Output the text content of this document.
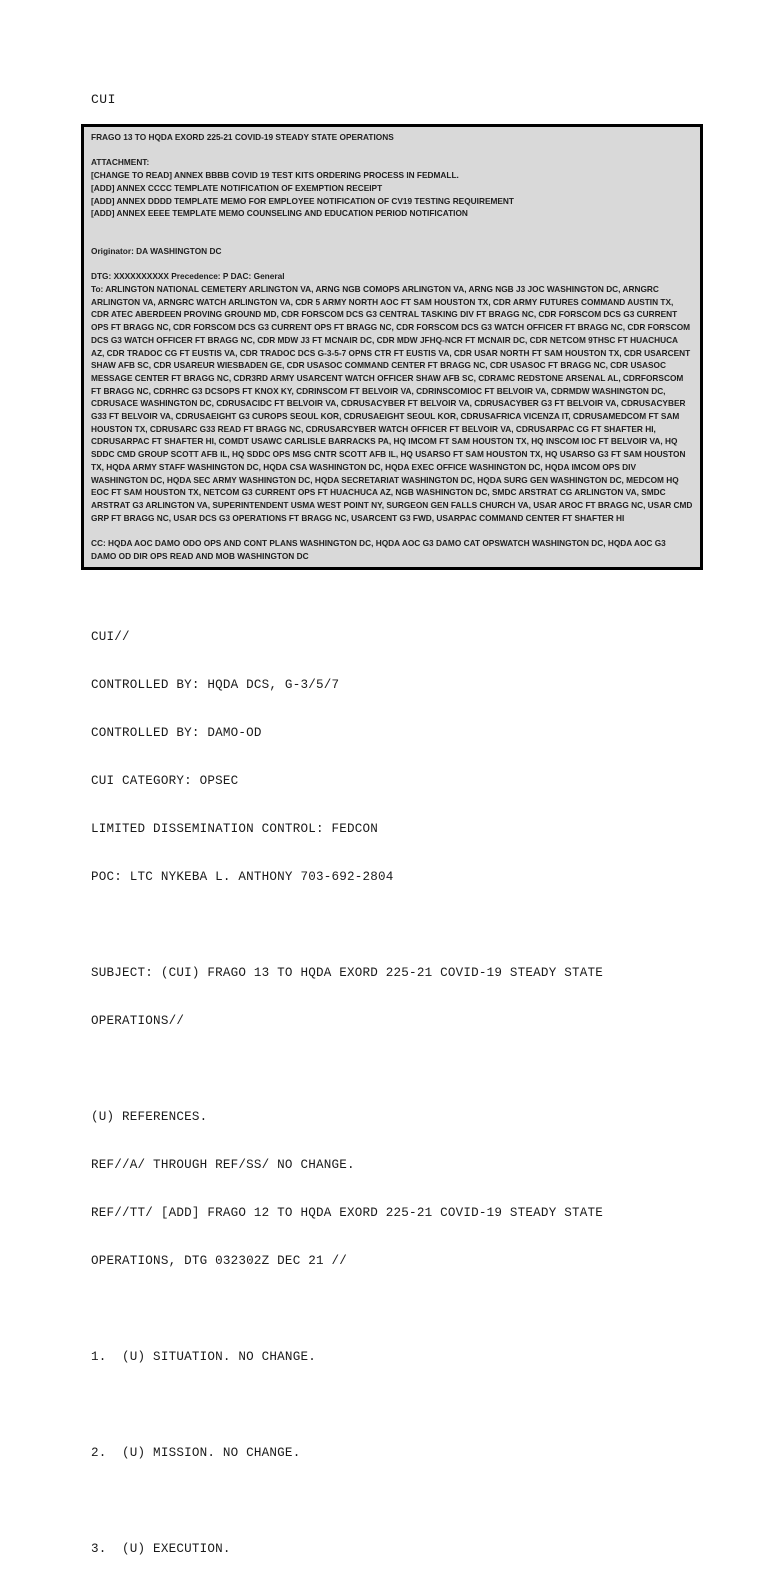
CUI

FRAGO 13 TO HQDA EXORD 225-21 COVID-19 STEADY STATE OPERATIONS

ATTACHMENT:

[CHANGE TO READ] ANNEX BBBB COVID 19 TEST KITS ORDERING PROCESS IN FEDMALL.

[ADD] ANNEX CCCC TEMPLATE NOTIFICATION OF EXEMPTION RECEIPT

[ADD] ANNEX DDDD TEMPLATE MEMO FOR EMPLOYEE NOTIFICATION OF CV19 TESTING REQUIREMENT

[ADD] ANNEX EEEE TEMPLATE MEMO COUNSELING AND EDUCATION PERIOD NOTIFICATION

Originator: DA WASHINGTON DC

DTG: XXXXXXXXXX Precedence: P DAC: General

To: ARLINGTON NATIONAL CEMETERY ARLINGTON VA, ARNG NGB COMOPS ARLINGTON VA, ARNG NGB J3 JOC WASHINGTON DC, ARNGRC ARLINGTON VA, ARNGRC WATCH ARLINGTON VA, CDR 5 ARMY NORTH AOC FT SAM HOUSTON TX, CDR ARMY FUTURES COMMAND AUSTIN TX, CDR ATEC ABERDEEN PROVING GROUND MD, CDR FORSCOM DCS G3 CENTRAL TASKING DIV FT BRAGG NC, CDR FORSCOM DCS G3 CURRENT OPS FT BRAGG NC, CDR FORSCOM DCS G3 CURRENT OPS FT BRAGG NC, CDR FORSCOM DCS G3 WATCH OFFICER FT BRAGG NC, CDR FORSCOM DCS G3 WATCH OFFICER FT BRAGG NC, CDR MDW J3 FT MCNAIR DC, CDR MDW JFHQ-NCR FT MCNAIR DC, CDR NETCOM 9THSC FT HUACHUCA AZ, CDR TRADOC CG FT EUSTIS VA, CDR TRADOC DCS G-3-5-7 OPNS CTR FT EUSTIS VA, CDR USAR NORTH FT SAM HOUSTON TX, CDR USARCENT SHAW AFB SC, CDR USAREUR WIESBADEN GE, CDR USASOC COMMAND CENTER FT BRAGG NC, CDR USASOC FT BRAGG NC, CDR USASOC MESSAGE CENTER FT BRAGG NC, CDR3RD ARMY USARCENT WATCH OFFICER SHAW AFB SC, CDRAMC REDSTONE ARSENAL AL, CDRFORSCOM FT BRAGG NC, CDRHRC G3 DCSOPS FT KNOX KY, CDRINSCOM FT BELVOIR VA, CDRINSCOMIOC FT BELVOIR VA, CDRMDW WASHINGTON DC, CDRUSACE WASHINGTON DC, CDRUSACIDC FT BELVOIR VA, CDRUSACYBER FT BELVOIR VA, CDRUSACYBER G3 FT BELVOIR VA, CDRUSACYBER G33 FT BELVOIR VA, CDRUSAEIGHT G3 CUROPS SEOUL KOR, CDRUSAEIGHT SEOUL KOR, CDRUSAFRICA VICENZA IT, CDRUSAMEDCOM FT SAM HOUSTON TX, CDRUSARC G33 READ FT BRAGG NC, CDRUSARCYBER WATCH OFFICER FT BELVOIR VA, CDRUSARPAC CG FT SHAFTER HI, CDRUSARPAC FT SHAFTER HI, COMDT USAWC CARLISLE BARRACKS PA, HQ IMCOM FT SAM HOUSTON TX, HQ INSCOM IOC FT BELVOIR VA, HQ SDDC CMD GROUP SCOTT AFB IL, HQ SDDC OPS MSG CNTR SCOTT AFB IL, HQ USARSO FT SAM HOUSTON TX, HQ USARSO G3 FT SAM HOUSTON TX, HQDA ARMY STAFF WASHINGTON DC, HQDA CSA WASHINGTON DC, HQDA EXEC OFFICE WASHINGTON DC, HQDA IMCOM OPS DIV WASHINGTON DC, HQDA SEC ARMY WASHINGTON DC, HQDA SECRETARIAT WASHINGTON DC, HQDA SURG GEN WASHINGTON DC, MEDCOM HQ EOC FT SAM HOUSTON TX, NETCOM G3 CURRENT OPS FT HUACHUCA AZ, NGB WASHINGTON DC, SMDC ARSTRAT CG ARLINGTON VA, SMDC ARSTRAT G3 ARLINGTON VA, SUPERINTENDENT USMA WEST POINT NY, SURGEON GEN FALLS CHURCH VA, USAR AROC FT BRAGG NC, USAR CMD GRP FT BRAGG NC, USAR DCS G3 OPERATIONS FT BRAGG NC, USARCENT G3 FWD, USARPAC COMMAND CENTER FT SHAFTER HI

CC: HQDA AOC DAMO ODO OPS AND CONT PLANS WASHINGTON DC, HQDA AOC G3 DAMO CAT OPSWATCH WASHINGTON DC, HQDA AOC G3 DAMO OD DIR OPS READ AND MOB WASHINGTON DC

CUI//

CONTROLLED BY: HQDA DCS, G-3/5/7

CONTROLLED BY: DAMO-OD

CUI CATEGORY: OPSEC

LIMITED DISSEMINATION CONTROL: FEDCON

POC: LTC NYKEBA L. ANTHONY 703-692-2804

SUBJECT: (CUI) FRAGO 13 TO HQDA EXORD 225-21 COVID-19 STEADY STATE

OPERATIONS//

(U) REFERENCES.

REF//A/ THROUGH REF/SS/ NO CHANGE.

REF//TT/ [ADD] FRAGO 12 TO HQDA EXORD 225-21 COVID-19 STEADY STATE

OPERATIONS, DTG 032302Z DEC 21 //

1.  (U) SITUATION. NO CHANGE.

2.  (U) MISSION. NO CHANGE.

3.  (U) EXECUTION.
